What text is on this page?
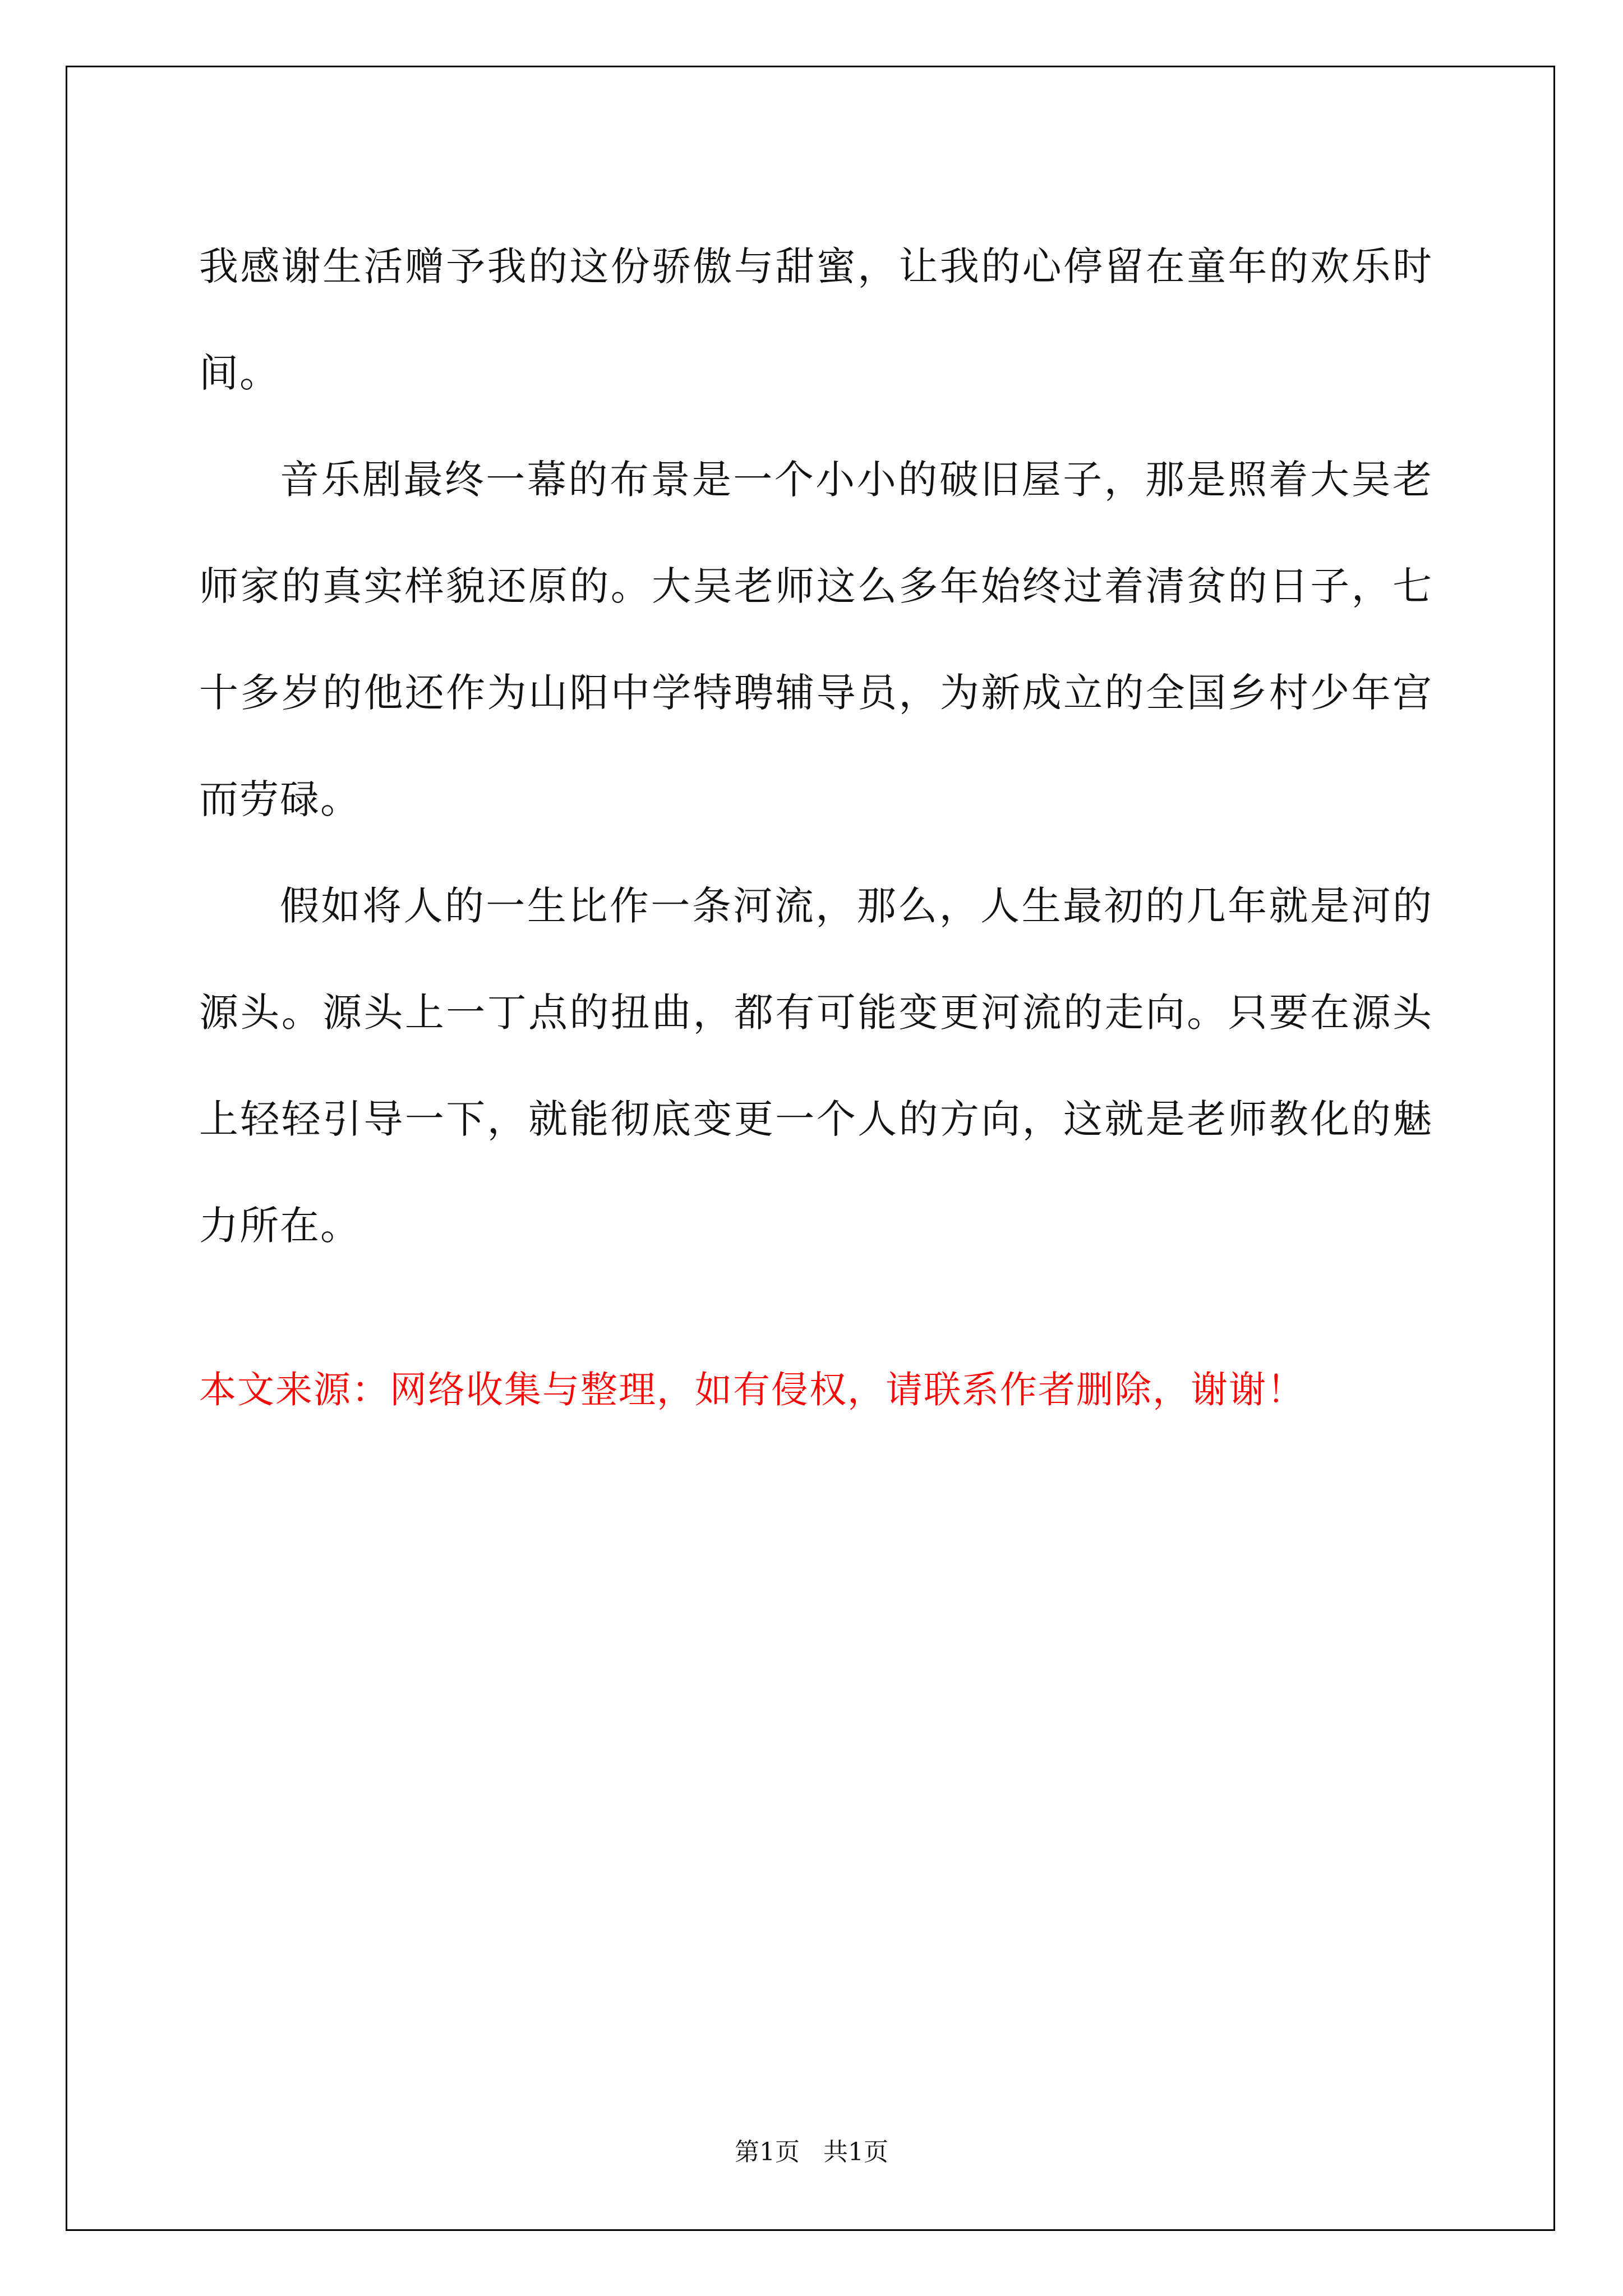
我感谢生活赠予我的这份骄傲与甜蜜，让我的心停留在童年的欢乐时间。

音乐剧最终一幕的布景是一个小小的破旧屋子，那是照着大吴老师家的真实样貌还原的。大吴老师这么多年始终过着清贫的日子，七十多岁的他还作为山阳中学特聘辅导员，为新成立的全国乡村少年宫而劳碌。

假如将人的一生比作一条河流，那么，人生最初的几年就是河的源头。源头上一丁点的扭曲，都有可能变更河流的走向。只要在源头上轻轻引导一下，就能彻底变更一个人的方向，这就是老师教化的魅力所在。

本文来源：网络收集与整理，如有侵权，请联系作者删除，谢谢！

第1页   共1页
